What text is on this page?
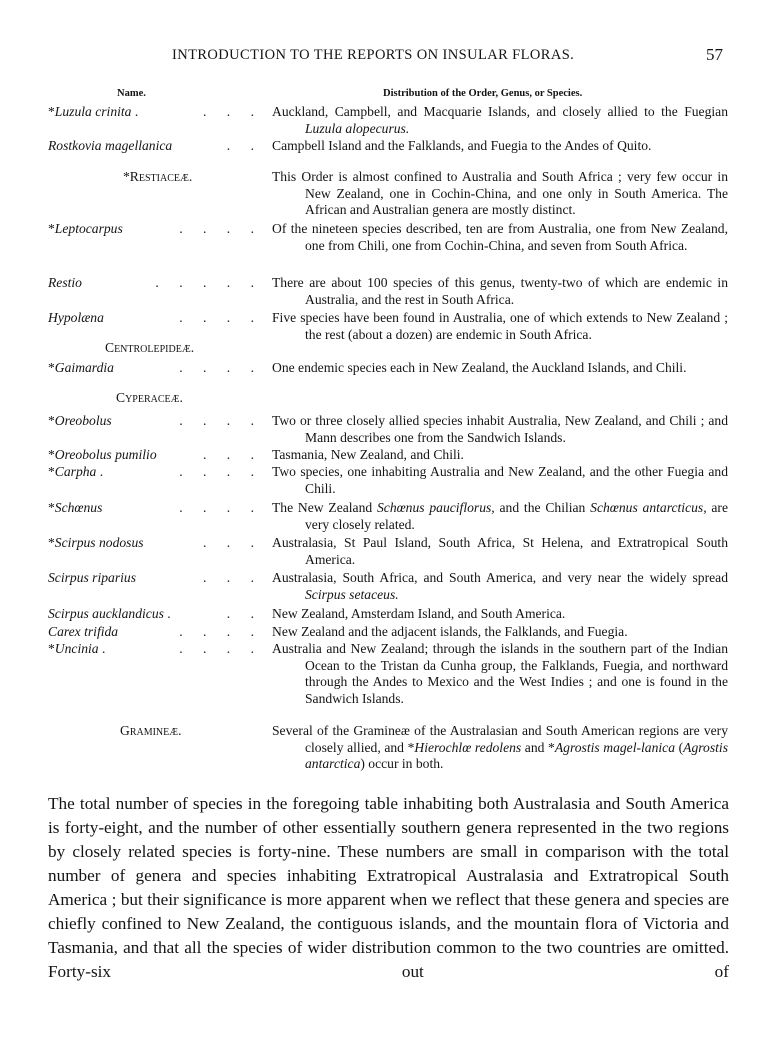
INTRODUCTION TO THE REPORTS ON INSULAR FLORAS.	57
Name.	Distribution of the Order, Genus, or Species.
*Luzula crinita .	. . . Auckland, Campbell, and Macquarie Islands, and closely allied to the Fuegian Luzula alopecurus.
Rostkovia magellanica	. . Campbell Island and the Falklands, and Fuegia to the Andes of Quito.
*Restiaceæ.	This Order is almost confined to Australia and South Africa ; very few occur in New Zealand, one in Cochin-China, and one only in South America. The African and Australian genera are mostly distinct.
*Leptocarpus	. . . . Of the nineteen species described, ten are from Australia, one from New Zealand, one from Chili, one from Cochin-China, and seven from South Africa.
Restio	. . . . . There are about 100 species of this genus, twenty-two of which are endemic in Australia, and the rest in South Africa.
Hypolæna	. . . . Five species have been found in Australia, one of which extends to New Zealand ; the rest (about a dozen) are endemic in South Africa.
Centrolepideæ.
*Gaimardia	. . . . One endemic species each in New Zealand, the Auckland Islands, and Chili.
Cyperaceæ.
*Oreobolus	. . . . Two or three closely allied species inhabit Australia, New Zealand, and Chili ; and Mann describes one from the Sandwich Islands.
*Oreobolus pumilio	. . . Tasmania, New Zealand, and Chili.
*Carpha .	. . . . Two species, one inhabiting Australia and New Zealand, and the other Fuegia and Chili.
*Schœnus	. . . . The New Zealand Schœnus pauciflorus, and the Chilian Schœnus antarcticus, are very closely related.
*Scirpus nodosus	. . . Australasia, St Paul Island, South Africa, St Helena, and Extratropical South America.
Scirpus riparius	. . . Australasia, South Africa, and South America, and very near the widely spread Scirpus setaceus.
Scirpus aucklandicus .	. . New Zealand, Amsterdam Island, and South America.
Carex trifida	. . . . New Zealand and the adjacent islands, the Falklands, and Fuegia.
*Uncinia .	. . . . Australia and New Zealand; through the islands in the southern part of the Indian Ocean to the Tristan da Cunha group, the Falklands, Fuegia, and northward through the Andes to Mexico and the West Indies ; and one is found in the Sandwich Islands.
Gramineæ.	Several of the Gramineæ of the Australasian and South American regions are very closely allied, and *Hierochlœ redolens and *Agrostis magel-lanica (Agrostis antarctica) occur in both.
The total number of species in the foregoing table inhabiting both Australasia and South America is forty-eight, and the number of other essentially southern genera represented in the two regions by closely related species is forty-nine. These numbers are small in comparison with the total number of genera and species inhabiting Extratropical Australasia and Extratropical South America ; but their significance is more apparent when we reflect that these genera and species are chiefly confined to New Zealand, the contiguous islands, and the mountain flora of Victoria and Tasmania, and that all the species of wider distribution common to the two countries are omitted. Forty-six out of
